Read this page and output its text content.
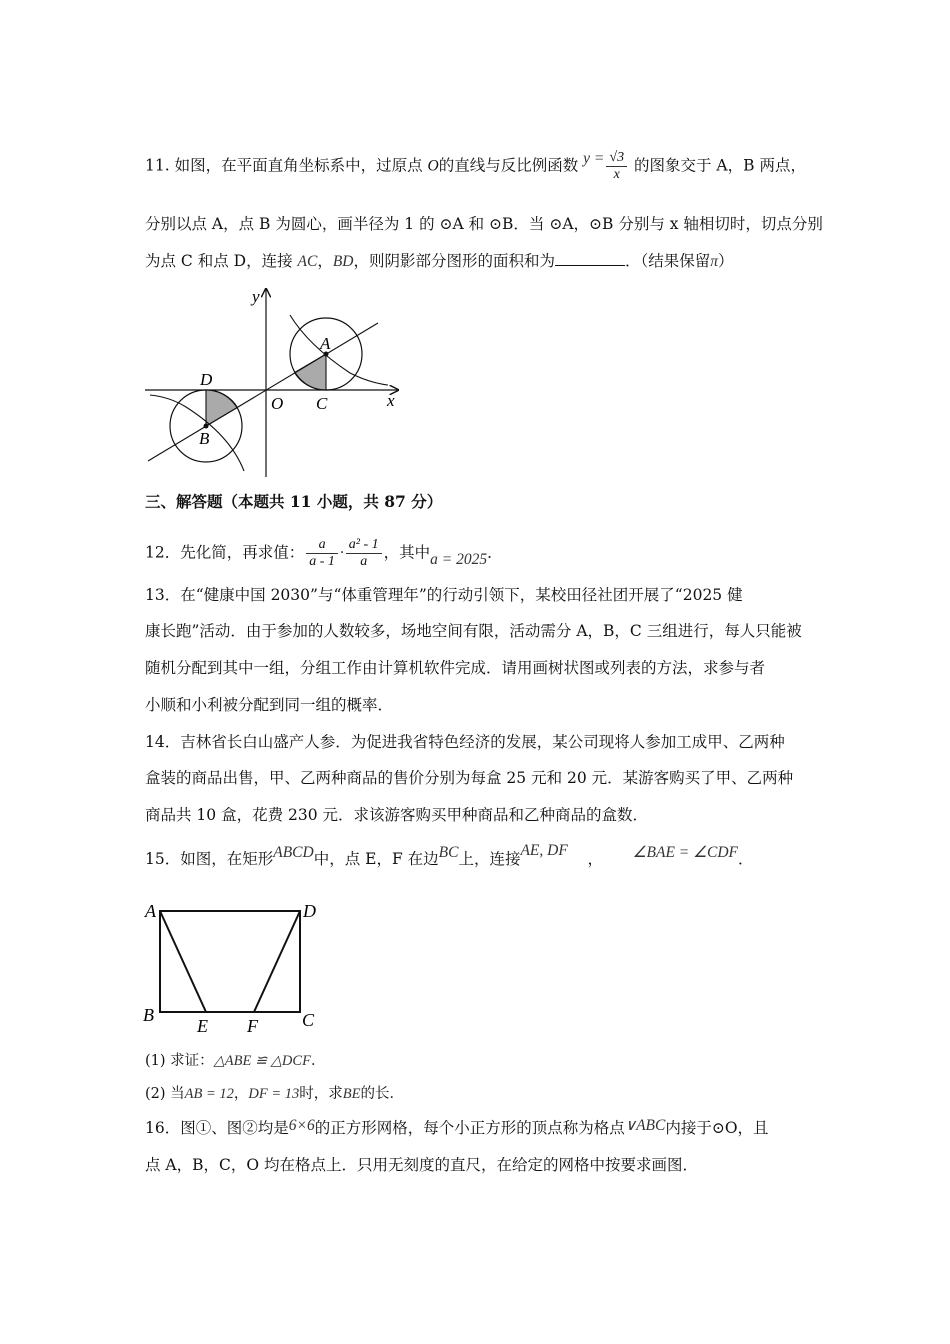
11. 如图，在平面直角坐标系中，过原点 O的直线与反比例函数 $y = \frac{√3}{x}$ 的图象交于 A，B 两点，
分别以点 A，点 B 为圆心，画半径为 1 的 ⊙A 和 ⊙B．当 ⊙A，⊙B 分别与 x 轴相切时，切点分别
为点 C 和点 D，连接 AC，BD，则阴影部分图形的面积和为	．（结果保留π）
y
x
O
A
B
C
D
三、解答题（本题共 11 小题，共 87 分）
12．先化简，再求值： $\frac{a}{a - 1} \cdot \frac{\text{a² - 1}}{a}$ ，其中a = 2025．
13．在“健康中国 2030”与“体重管理年”的行动引领下，某校田径社团开展了“2025 健
康长跑”活动．由于参加的人数较多，场地空间有限，活动需分 A，B，C 三组进行，每人只能被
随机分配到其中一组，分组工作由计算机软件完成．请用画树状图或列表的方法，求参与者
小顺和小利被分配到同一组的概率．
14．吉林省长白山盛产人参．为促进我省特色经济的发展，某公司现将人参加工成甲、乙两种
盒装的商品出售，甲、乙两种商品的售价分别为每盒 25 元和 20 元．某游客购买了甲、乙两种
商品共 10 盒，花费 230 元．求该游客购买甲种商品和乙种商品的盒数．
15．如图，在矩形ABCD中，点 E，F 在边BC上，连接AE, DF ， ∠BAE = ∠CDF．
A	D
B	C
E F
(1) 求证：△ABE ≌ △DCF．
(2) 当AB = 12，DF = 13时，求BE的长．
16．图①、图②均是6×6的正方形网格，每个小正方形的顶点称为格点∨ABC内接于⊙O，且
点 A，B，C，O 均在格点上．只用无刻度的直尺，在给定的网格中按要求画图．
